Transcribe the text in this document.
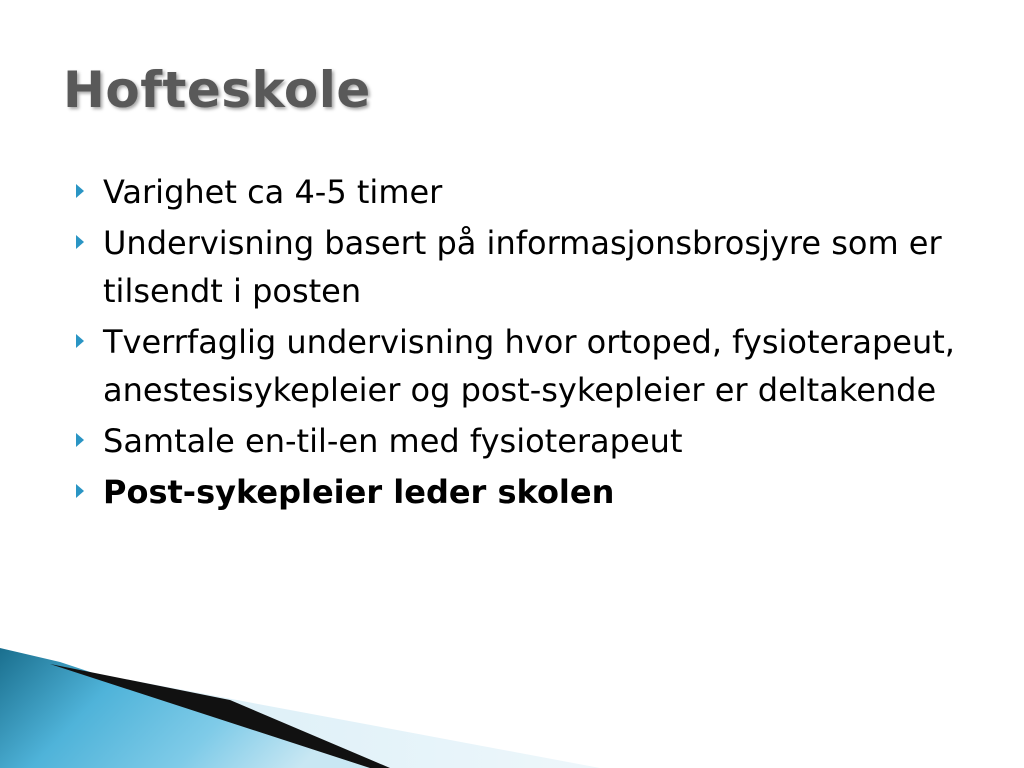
Hofteskole
Varighet ca 4-5 timer
Undervisning basert på informasjonsbrosjyre som er tilsendt i posten
Tverrfaglig undervisning hvor ortoped, fysioterapeut, anestesisykepleier og post-sykepleier er deltakende
Samtale en-til-en med fysioterapeut
Post-sykepleier leder skolen
